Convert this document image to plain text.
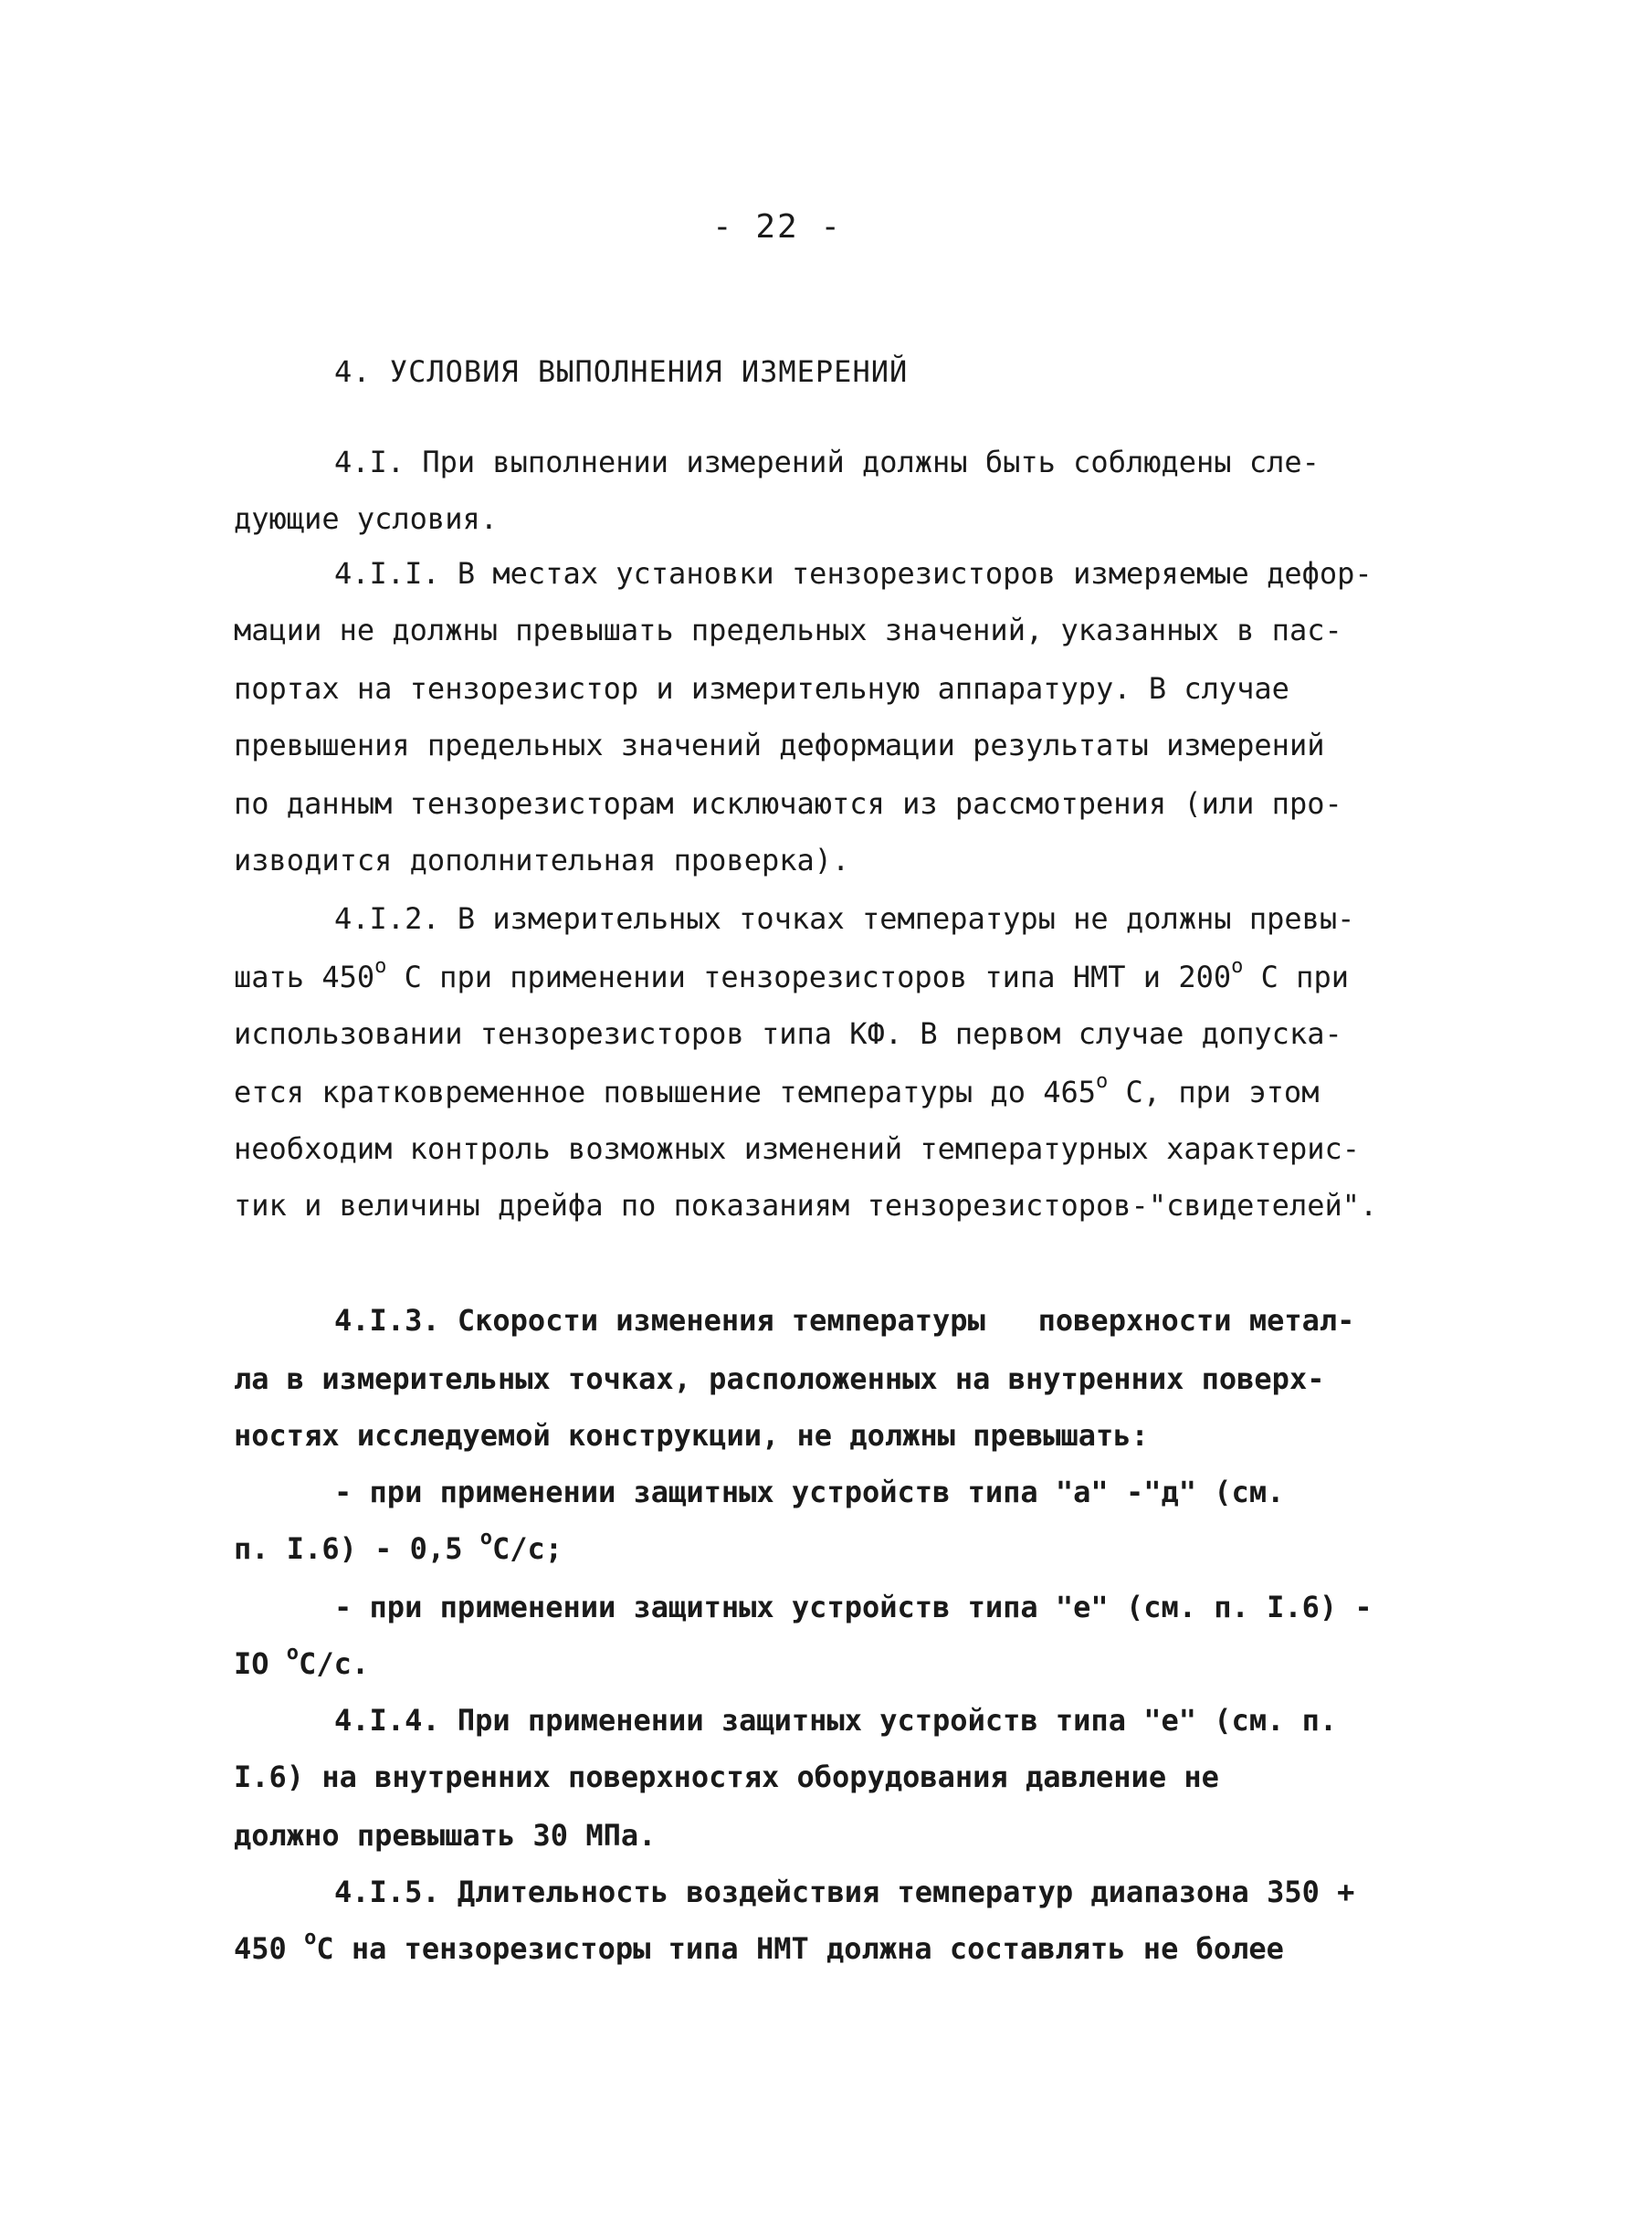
- 22 -
4. УСЛОВИЯ ВЫПОЛНЕНИЯ ИЗМЕРЕНИЙ
4.I. При выполнении измерений должны быть соблюдены сле-
дующие условия.
4.I.I. В местах установки тензорезисторов измеряемые дефор-
мации не должны превышать предельных значений, указанных в пас-
портах на тензорезистор и измерительную аппаратуру. В случае
превышения предельных значений деформации результаты измерений
по данным тензорезисторам исключаются из рассмотрения (или про-
изводится дополнительная проверка).
4.I.2. В измерительных точках температуры не должны превы-
шать $450^о$ С при применении тензорезисторов типа НМТ и $200^о$ С при
использовании тензорезисторов типа КФ. В первом случае допуска-
ется кратковременное повышение температуры до $465^о$ С, при этом
необходим контроль возможных изменений температурных характерис-
тик и величины дрейфа по показаниям тензорезисторов-"свидетелей".
4.I.3. Скорости изменения температуры   поверхности метал-
ла в измерительных точках, расположенных на внутренних поверх-
ностях исследуемой конструкции, не должны превышать:
- при применении защитных устройств типа "а" -"д" (см.
п. I.6) - 0,5 $^о$С/с;
- при применении защитных устройств типа "е" (см. п. I.6) -
IO $^о$С/с.
4.I.4. При применении защитных устройств типа "е" (см. п.
I.6) на внутренних поверхностях оборудования давление не
должно превышать 30 МПа.
4.I.5. Длительность воздействия температур диапазона 350 +
450 $^о$С на тензорезисторы типа НМТ должна составлять не более
